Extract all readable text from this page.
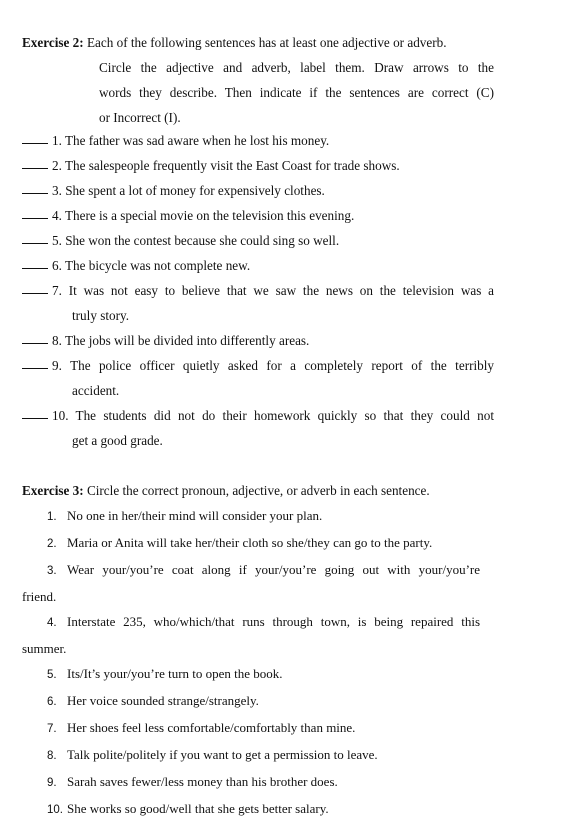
Exercise 2: Each of the following sentences has at least one adjective or adverb.
Circle the adjective and adverb, label them. Draw arrows to the
words they describe. Then indicate if the sentences are correct (C)
or Incorrect (I).
1. The father was sad aware when he lost his money.
2. The salespeople frequently visit the East Coast for trade shows.
3. She spent a lot of money for expensively clothes.
4. There is a special movie on the television this evening.
5. She won the contest because she could sing so well.
6. The bicycle was not complete new.
7. It was not easy to believe that we saw the news on the television was a
truly story.
8. The jobs will be divided into differently areas.
9. The police officer quietly asked for a completely report of the terribly
accident.
10. The students did not do their homework quickly so that they could not
get a good grade.
Exercise 3: Circle the correct pronoun, adjective, or adverb in each sentence.
1. No one in her/their mind will consider your plan.
2. Maria or Anita will take her/their cloth so she/they can go to the party.
3. Wear your/you’re coat along if your/you’re going out with your/you’re
friend.
4. Interstate 235, who/which/that runs through town, is being repaired this
summer.
5. Its/It’s your/you’re turn to open the book.
6. Her voice sounded strange/strangely.
7. Her shoes feel less comfortable/comfortably than mine.
8. Talk polite/politely if you want to get a permission to leave.
9. Sarah saves fewer/less money than his brother does.
10. She works so good/well that she gets better salary.
